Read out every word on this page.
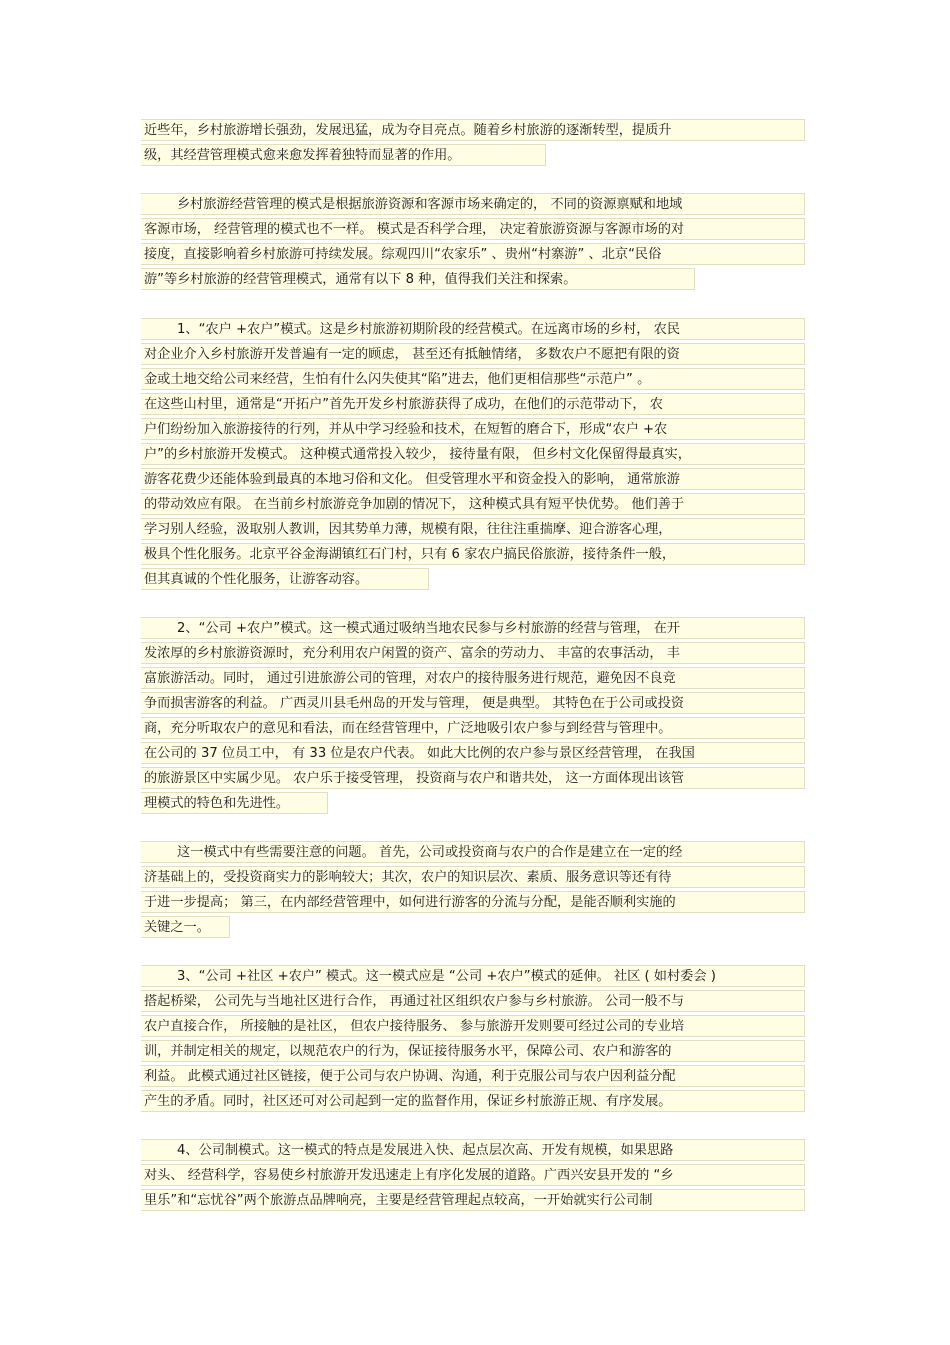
近些年，乡村旅游增长强劲，发展迅猛，成为夺目亮点。随着乡村旅游的逐渐转型，提质升
级，其经营管理模式愈来愈发挥着独特而显著的作用。
乡村旅游经营管理的模式是根据旅游资源和客源市场来确定的， 不同的资源禀赋和地域
客源市场， 经营管理的模式也不一样。 模式是否科学合理， 决定着旅游资源与客源市场的对
接度，直接影响着乡村旅游可持续发展。综观四川“农家乐” 、贵州“村寨游” 、北京“民俗
游”等乡村旅游的经营管理模式，通常有以下 8 种，值得我们关注和探索。
1、“农户 +农户”模式。这是乡村旅游初期阶段的经营模式。在远离市场的乡村， 农民
对企业介入乡村旅游开发普遍有一定的顾虑， 甚至还有抵触情绪， 多数农户不愿把有限的资
金或土地交给公司来经营，生怕有什么闪失使其“陷”进去，他们更相信那些“示范户” 。
在这些山村里，通常是“开拓户”首先开发乡村旅游获得了成功，在他们的示范带动下， 农
户们纷纷加入旅游接待的行列，并从中学习经验和技术，在短暂的磨合下，形成“农户 +农
户”的乡村旅游开发模式。 这种模式通常投入较少， 接待量有限， 但乡村文化保留得最真实，
游客花费少还能体验到最真的本地习俗和文化。 但受管理水平和资金投入的影响， 通常旅游
的带动效应有限。 在当前乡村旅游竞争加剧的情况下， 这种模式具有短平快优势。 他们善于
学习别人经验，汲取别人教训，因其势单力薄，规模有限，往往注重揣摩、迎合游客心理，
极具个性化服务。北京平谷金海湖镇红石门村，只有 6 家农户搞民俗旅游，接待条件一般，
但其真诚的个性化服务，让游客动容。
2、“公司 +农户”模式。这一模式通过吸纳当地农民参与乡村旅游的经营与管理， 在开
发浓厚的乡村旅游资源时，充分利用农户闲置的资产、富余的劳动力、 丰富的农事活动， 丰
富旅游活动。同时， 通过引进旅游公司的管理，对农户的接待服务进行规范，避免因不良竞
争而损害游客的利益。 广西灵川县毛州岛的开发与管理， 便是典型。 其特色在于公司或投资
商，充分听取农户的意见和看法，而在经营管理中，广泛地吸引农户参与到经营与管理中。
在公司的 37 位员工中， 有 33 位是农户代表。 如此大比例的农户参与景区经营管理， 在我国
的旅游景区中实属少见。 农户乐于接受管理， 投资商与农户和谐共处， 这一方面体现出该管
理模式的特色和先进性。
这一模式中有些需要注意的问题。 首先，公司或投资商与农户的合作是建立在一定的经
济基础上的，受投资商实力的影响较大；其次，农户的知识层次、素质、服务意识等还有待
于进一步提高； 第三，在内部经营管理中，如何进行游客的分流与分配，是能否顺利实施的
关键之一。
3、“公司 +社区 +农户” 模式。这一模式应是 “公司 +农户”模式的延伸。 社区 ( 如村委会 )
搭起桥梁， 公司先与当地社区进行合作， 再通过社区组织农户参与乡村旅游。 公司一般不与
农户直接合作， 所接触的是社区， 但农户接待服务、 参与旅游开发则要可经过公司的专业培
训，并制定相关的规定，以规范农户的行为，保证接待服务水平，保障公司、农户和游客的
利益。 此模式通过社区链接，便于公司与农户协调、沟通，利于克服公司与农户因利益分配
产生的矛盾。同时，社区还可对公司起到一定的监督作用，保证乡村旅游正规、有序发展。
4、公司制模式。这一模式的特点是发展进入快、起点层次高、开发有规模，如果思路
对头、 经营科学，容易使乡村旅游开发迅速走上有序化发展的道路。广西兴安县开发的 “乡
里乐”和“忘忧谷”两个旅游点品牌响亮，主要是经营管理起点较高，一开始就实行公司制
